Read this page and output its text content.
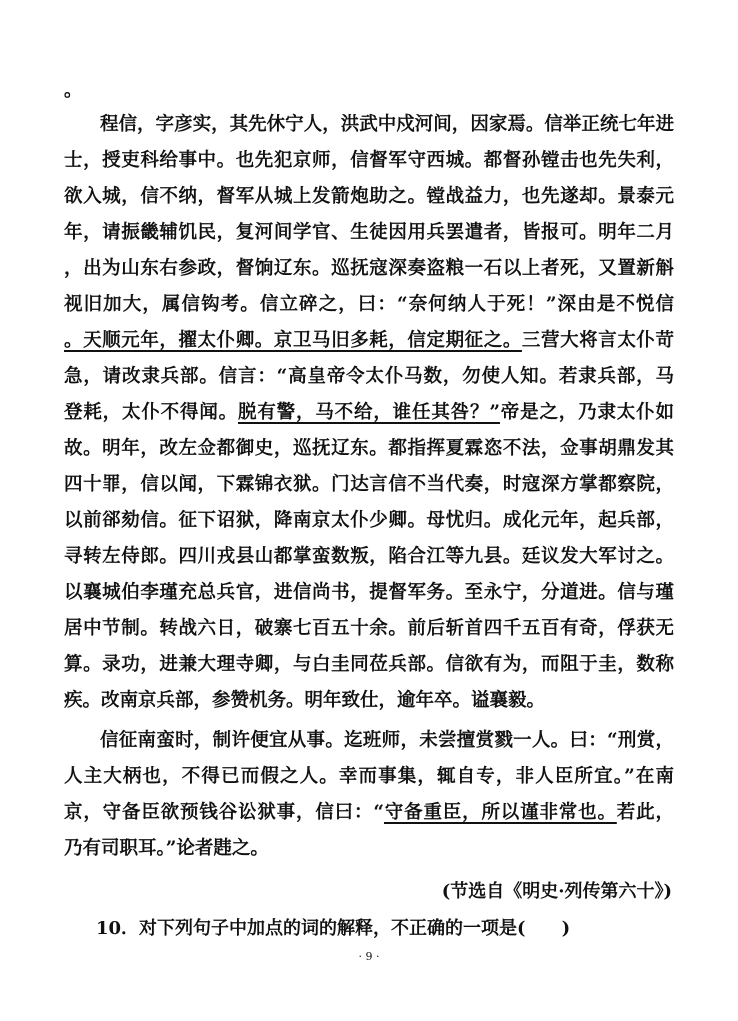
。
程信，字彦实，其先休宁人，洪武中戍河间，因家焉。信举正统七年进
士，授吏科给事中。也先犯京师，信督军守西城。都督孙镗击也先失利，
欲入城，信不纳，督军从城上发箭炮助之。镗战益力，也先遂却。景泰元
年，请振畿辅饥民，复河间学官、生徒因用兵罢遣者，皆报可。明年二月
，出为山东右参政，督饷辽东。巡抚寇深奏盗粮一石以上者死，又置新斛
视旧加大，属信钩考。信立碎之，曰：“奈何纳人于死！”深由是不悦信
。天顺元年，擢太仆卿。京卫马旧多耗，信定期征之。三营大将言太仆苛
急，请改隶兵部。信言：“高皇帝令太仆马数，勿使人知。若隶兵部，马
登耗，太仆不得闻。脱有警，马不给，谁任其咎？”帝是之，乃隶太仆如
故。明年，改左佥都御史，巡抚辽东。都指挥夏霖恣不法，佥事胡鼎发其
四十罪，信以闻，下霖锦衣狱。门达言信不当代奏，时寇深方掌都察院，
以前郤劾信。征下诏狱，降南京太仆少卿。母忧归。成化元年，起兵部，
寻转左侍郎。四川戎县山都掌蛮数叛，陷合江等九县。廷议发大军讨之。
以襄城伯李瑾充总兵官，进信尚书，提督军务。至永宁，分道进。信与瑾
居中节制。转战六日，破寨七百五十余。前后斩首四千五百有奇，俘获无
算。录功，进兼大理寺卿，与白圭同莅兵部。信欲有为，而阻于圭，数称
疾。改南京兵部，参赞机务。明年致仕，逾年卒。谥襄毅。
信征南蛮时，制许便宜从事。迄班师，未尝擅赏戮一人。曰：“刑赏，
人主大柄也，不得已而假之人。幸而事集，辄自专，非人臣所宜。”在南
京，守备臣欲预钱谷讼狱事，信曰：“守备重臣，所以谨非常也。若此，
乃有司职耳。”论者韪之。
(节选自《明史·列传第六十》)
10．对下列句子中加点的词的解释，不正确的一项是(　　)
· 9 ·
